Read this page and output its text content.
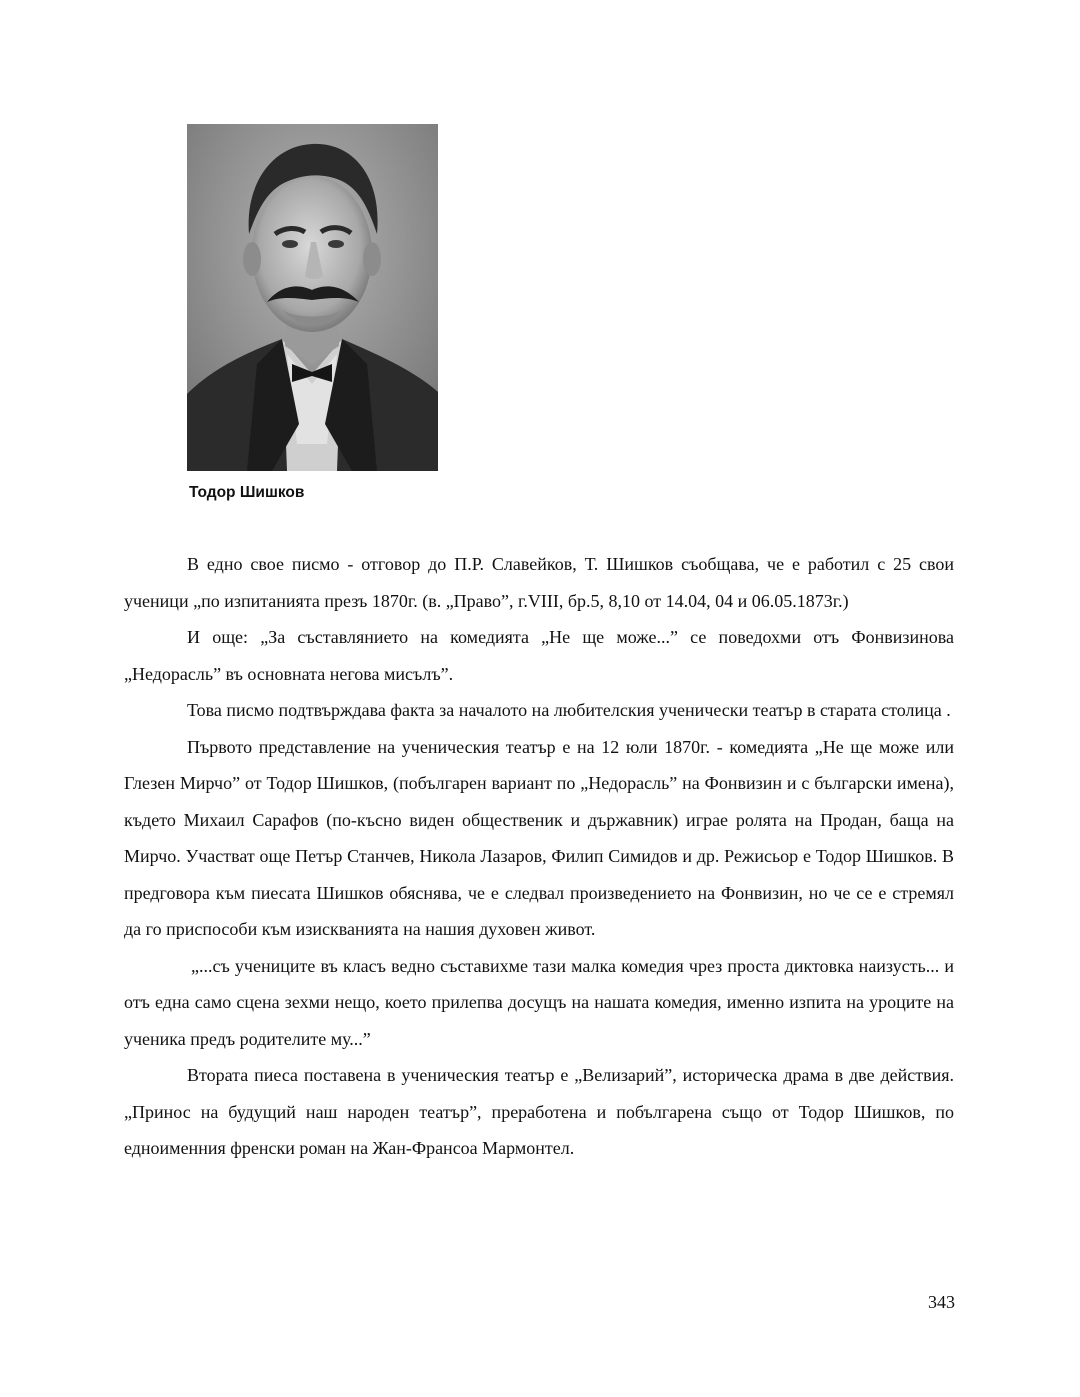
Тодор Шишков

В едно свое писмо - отговор до П.Р. Славейков, Т. Шишков съобщава, че е работил с 25 свои ученици „по изпитанията презъ 1870г. (в. „Право”, г.VIII, бр.5, 8,10 от 14.04, 04 и 06.05.1873г.)

И още: „За съставлянието на комедията „Не ще може...” се поведохми отъ Фонвизинова „Недорасль” въ основната негова мисълъ”.

Това писмо подтвърждава факта за началото на любителския ученически театър в старата столица .

Първото представление на ученическия театър е на 12 юли 1870г. - комедията „Не ще може или Глезен Мирчо” от Тодор Шишков, (побългарен вариант по „Недорасль” на Фонвизин и с български имена), където Михаил Сарафов (по-късно виден общественик и държавник) играе ролята на Продан, баща на Мирчо. Участват още Петър Станчев, Никола Лазаров, Филип Симидов и др. Режисьор е Тодор Шишков. В предговора към пиесата Шишков обяснява, че е следвал произведението на Фонвизин, но че се е стремял да го приспособи към изискванията на нашия духовен живот.

„...съ учениците въ класъ ведно съставихме тази малка комедия чрез проста диктовка наизусть... и отъ една само сцена зехми нещо, което прилепва досущъ на нашата комедия, именно изпита на уроците на ученика предъ родителите му...”

Втората пиеса поставена в ученическия театър е „Велизарий”, историческа драма в две действия. „Принос на будущий наш народен театър”, преработена и побългарена също от Тодор Шишков, по едноименния френски роман на Жан-Франсоа Мармонтел.

343
